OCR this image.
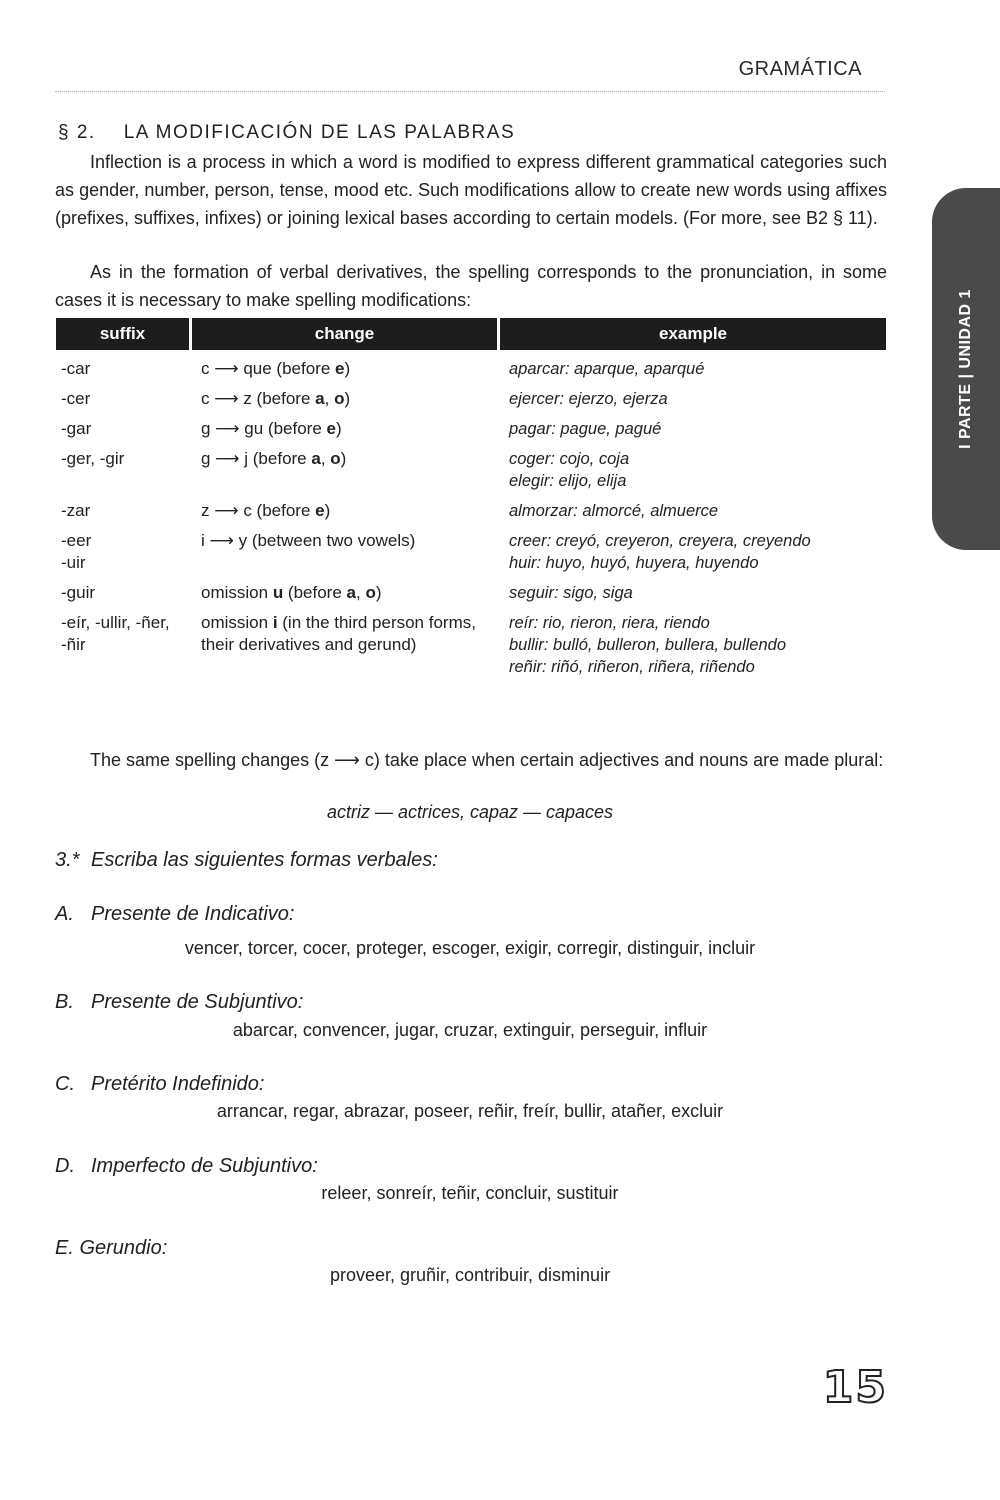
GRAMÁTICA
§ 2. LA MODIFICACIÓN DE LAS PALABRAS
Inflection is a process in which a word is modified to express different grammatical categories such as gender, number, person, tense, mood etc. Such modifications allow to create new words using affixes (prefixes, suffixes, infixes) or joining lexical bases according to certain models. (For more, see B2 § 11).
As in the formation of verbal derivatives, the spelling corresponds to the pronunciation, in some cases it is necessary to make spelling modifications:	I PARTE | UNIDAD 1
suffix	change	example

-car	c ⟶ que (before e)	aparcar: aparque, aparqué

-cer	c ⟶ z (before a, o)	ejercer: ejerzo, ejerza

-gar	g ⟶ gu (before e)	pagar: pague, pagué

-ger, -gir	g ⟶ j (before a, o)	coger: cojo, coja
elegir: elijo, elija

-zar	z ⟶ c (before e)	almorzar: almorcé, almuerce

-eer
-uir	i ⟶ y (between two vowels)	creer: creyó, creyeron, creyera, creyendo
huir: huyo, huyó, huyera, huyendo

-guir	omission u (before a, o)	seguir: sigo, siga

-eír, -ullir, -ñer,
-ñir	omission i (in the third person forms, their derivatives and gerund)	reír: rio, rieron, riera, riendo
bullir: bulló, bulleron, bullera, bullendo
reñir: riñó, riñeron, riñera, riñendo
The same spelling changes (z ⟶ c) take place when certain adjectives and nouns are made plural:
actriz — actrices, capaz — capaces
3.* Escriba las siguientes formas verbales:
A. Presente de Indicativo:
vencer, torcer, cocer, proteger, escoger, exigir, corregir, distinguir, incluir
B. Presente de Subjuntivo:
abarcar, convencer, jugar, cruzar, extinguir, perseguir, influir
C. Pretérito Indefinido:
arrancar, regar, abrazar, poseer, reñir, freír, bullir, atañer, excluir
D. Imperfecto de Subjuntivo:
releer, sonreír, teñir, concluir, sustituir
E. Gerundio:
proveer, gruñir, contribuir, disminuir
15
